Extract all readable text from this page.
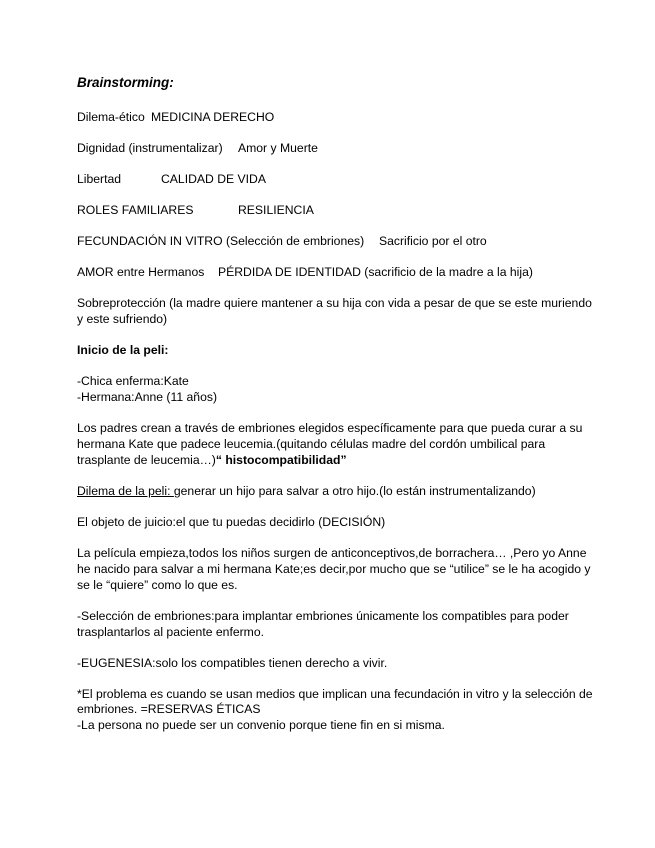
Brainstorming:
Dilema-ético MEDICINA DERECHO
Dignidad (instrumentalizar) Amor y Muerte
Libertad	CALIDAD DE VIDA
ROLES FAMILIARES	RESILIENCIA
FECUNDACIÓN IN VITRO (Selección de embriones) Sacrificio por el otro
AMOR entre Hermanos PÉRDIDA DE IDENTIDAD (sacrificio de la madre a la hija)
Sobreprotección (la madre quiere mantener a su hija con vida a pesar de que se este muriendo
y este sufriendo)
Inicio de la peli:
-Chica enferma:Kate
-Hermana:Anne (11 años)
Los padres crean a través de embriones elegidos específicamente para que pueda curar a su
hermana Kate que padece leucemia.(quitando células madre del cordón umbilical para
trasplante de leucemia…)“ histocompatibilidad”
Dilema de la peli: generar un hijo para salvar a otro hijo.(lo están instrumentalizando)
El objeto de juicio:el que tu puedas decidirlo (DECISIÓN)
La película empieza,todos los niños surgen de anticonceptivos,de borrachera… ,Pero yo Anne
he nacido para salvar a mi hermana Kate;es decir,por mucho que se “utilice” se le ha acogido y
se le “quiere” como lo que es.
-Selección de embriones:para implantar embriones únicamente los compatibles para poder
trasplantarlos al paciente enfermo.
-EUGENESIA:solo los compatibles tienen derecho a vivir.
*El problema es cuando se usan medios que implican una fecundación in vitro y la selección de
embriones. =RESERVAS ÉTICAS
-La persona no puede ser un convenio porque tiene fin en si misma.
